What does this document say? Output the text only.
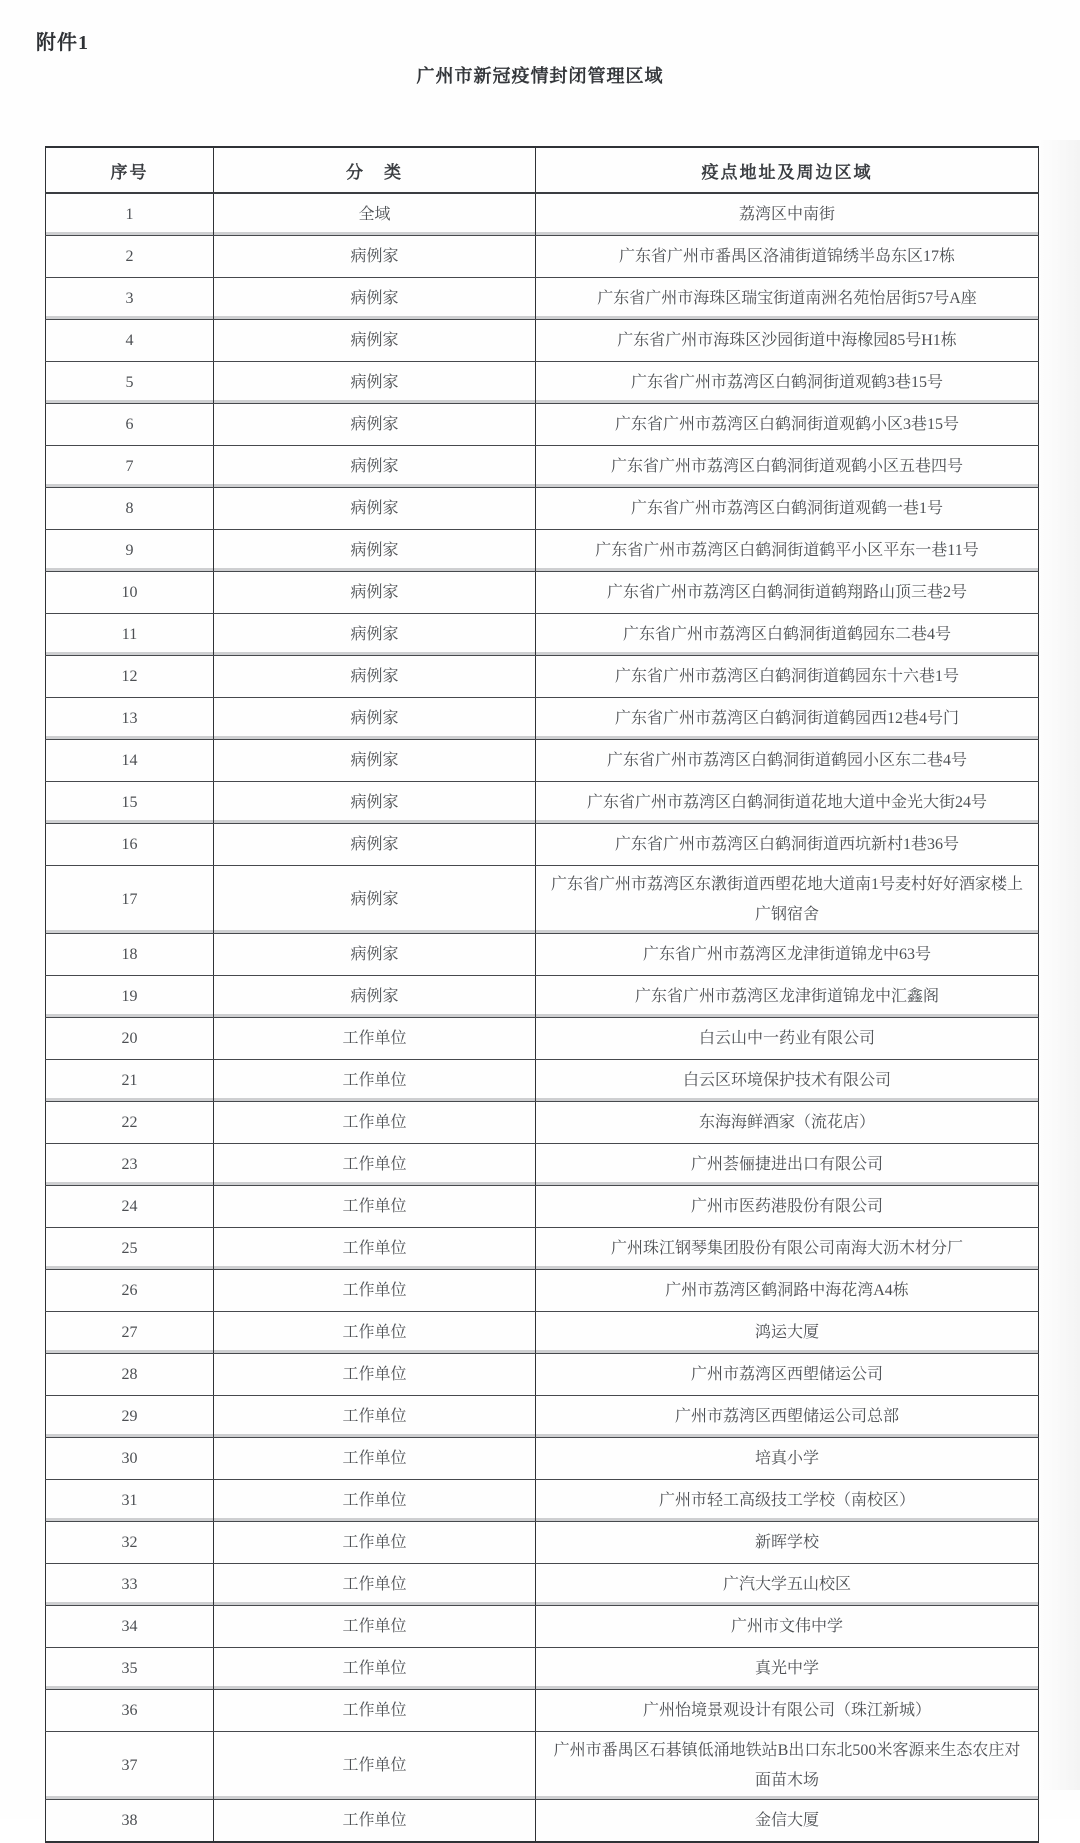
附件1
广州市新冠疫情封闭管理区域
序号	分　类	疫点地址及周边区域
1	全域	荔湾区中南街
2	病例家	广东省广州市番禺区洛浦街道锦绣半岛东区17栋
3	病例家	广东省广州市海珠区瑞宝街道南洲名苑怡居街57号A座
4	病例家	广东省广州市海珠区沙园街道中海橡园85号H1栋
5	病例家	广东省广州市荔湾区白鹤洞街道观鹤3巷15号
6	病例家	广东省广州市荔湾区白鹤洞街道观鹤小区3巷15号
7	病例家	广东省广州市荔湾区白鹤洞街道观鹤小区五巷四号
8	病例家	广东省广州市荔湾区白鹤洞街道观鹤一巷1号
9	病例家	广东省广州市荔湾区白鹤洞街道鹤平小区平东一巷11号
10	病例家	广东省广州市荔湾区白鹤洞街道鹤翔路山顶三巷2号
11	病例家	广东省广州市荔湾区白鹤洞街道鹤园东二巷4号
12	病例家	广东省广州市荔湾区白鹤洞街道鹤园东十六巷1号
13	病例家	广东省广州市荔湾区白鹤洞街道鹤园西12巷4号门
14	病例家	广东省广州市荔湾区白鹤洞街道鹤园小区东二巷4号
15	病例家	广东省广州市荔湾区白鹤洞街道花地大道中金光大街24号
16	病例家	广东省广州市荔湾区白鹤洞街道西坑新村1巷36号
17	病例家	广东省广州市荔湾区东漖街道西塱花地大道南1号麦村好好酒家楼上广钢宿舍
18	病例家	广东省广州市荔湾区龙津街道锦龙中63号
19	病例家	广东省广州市荔湾区龙津街道锦龙中汇鑫阁
20	工作单位	白云山中一药业有限公司
21	工作单位	白云区环境保护技术有限公司
22	工作单位	东海海鲜酒家（流花店）
23	工作单位	广州荟俪捷进出口有限公司
24	工作单位	广州市医药港股份有限公司
25	工作单位	广州珠江钢琴集团股份有限公司南海大沥木材分厂
26	工作单位	广州市荔湾区鹤洞路中海花湾A4栋
27	工作单位	鸿运大厦
28	工作单位	广州市荔湾区西塱储运公司
29	工作单位	广州市荔湾区西塱储运公司总部
30	工作单位	培真小学
31	工作单位	广州市轻工高级技工学校（南校区）
32	工作单位	新晖学校
33	工作单位	广汽大学五山校区
34	工作单位	广州市文伟中学
35	工作单位	真光中学
36	工作单位	广州怡境景观设计有限公司（珠江新城）
37	工作单位	广州市番禺区石碁镇低涌地铁站B出口东北500米客源来生态农庄对面苗木场
38	工作单位	金信大厦
